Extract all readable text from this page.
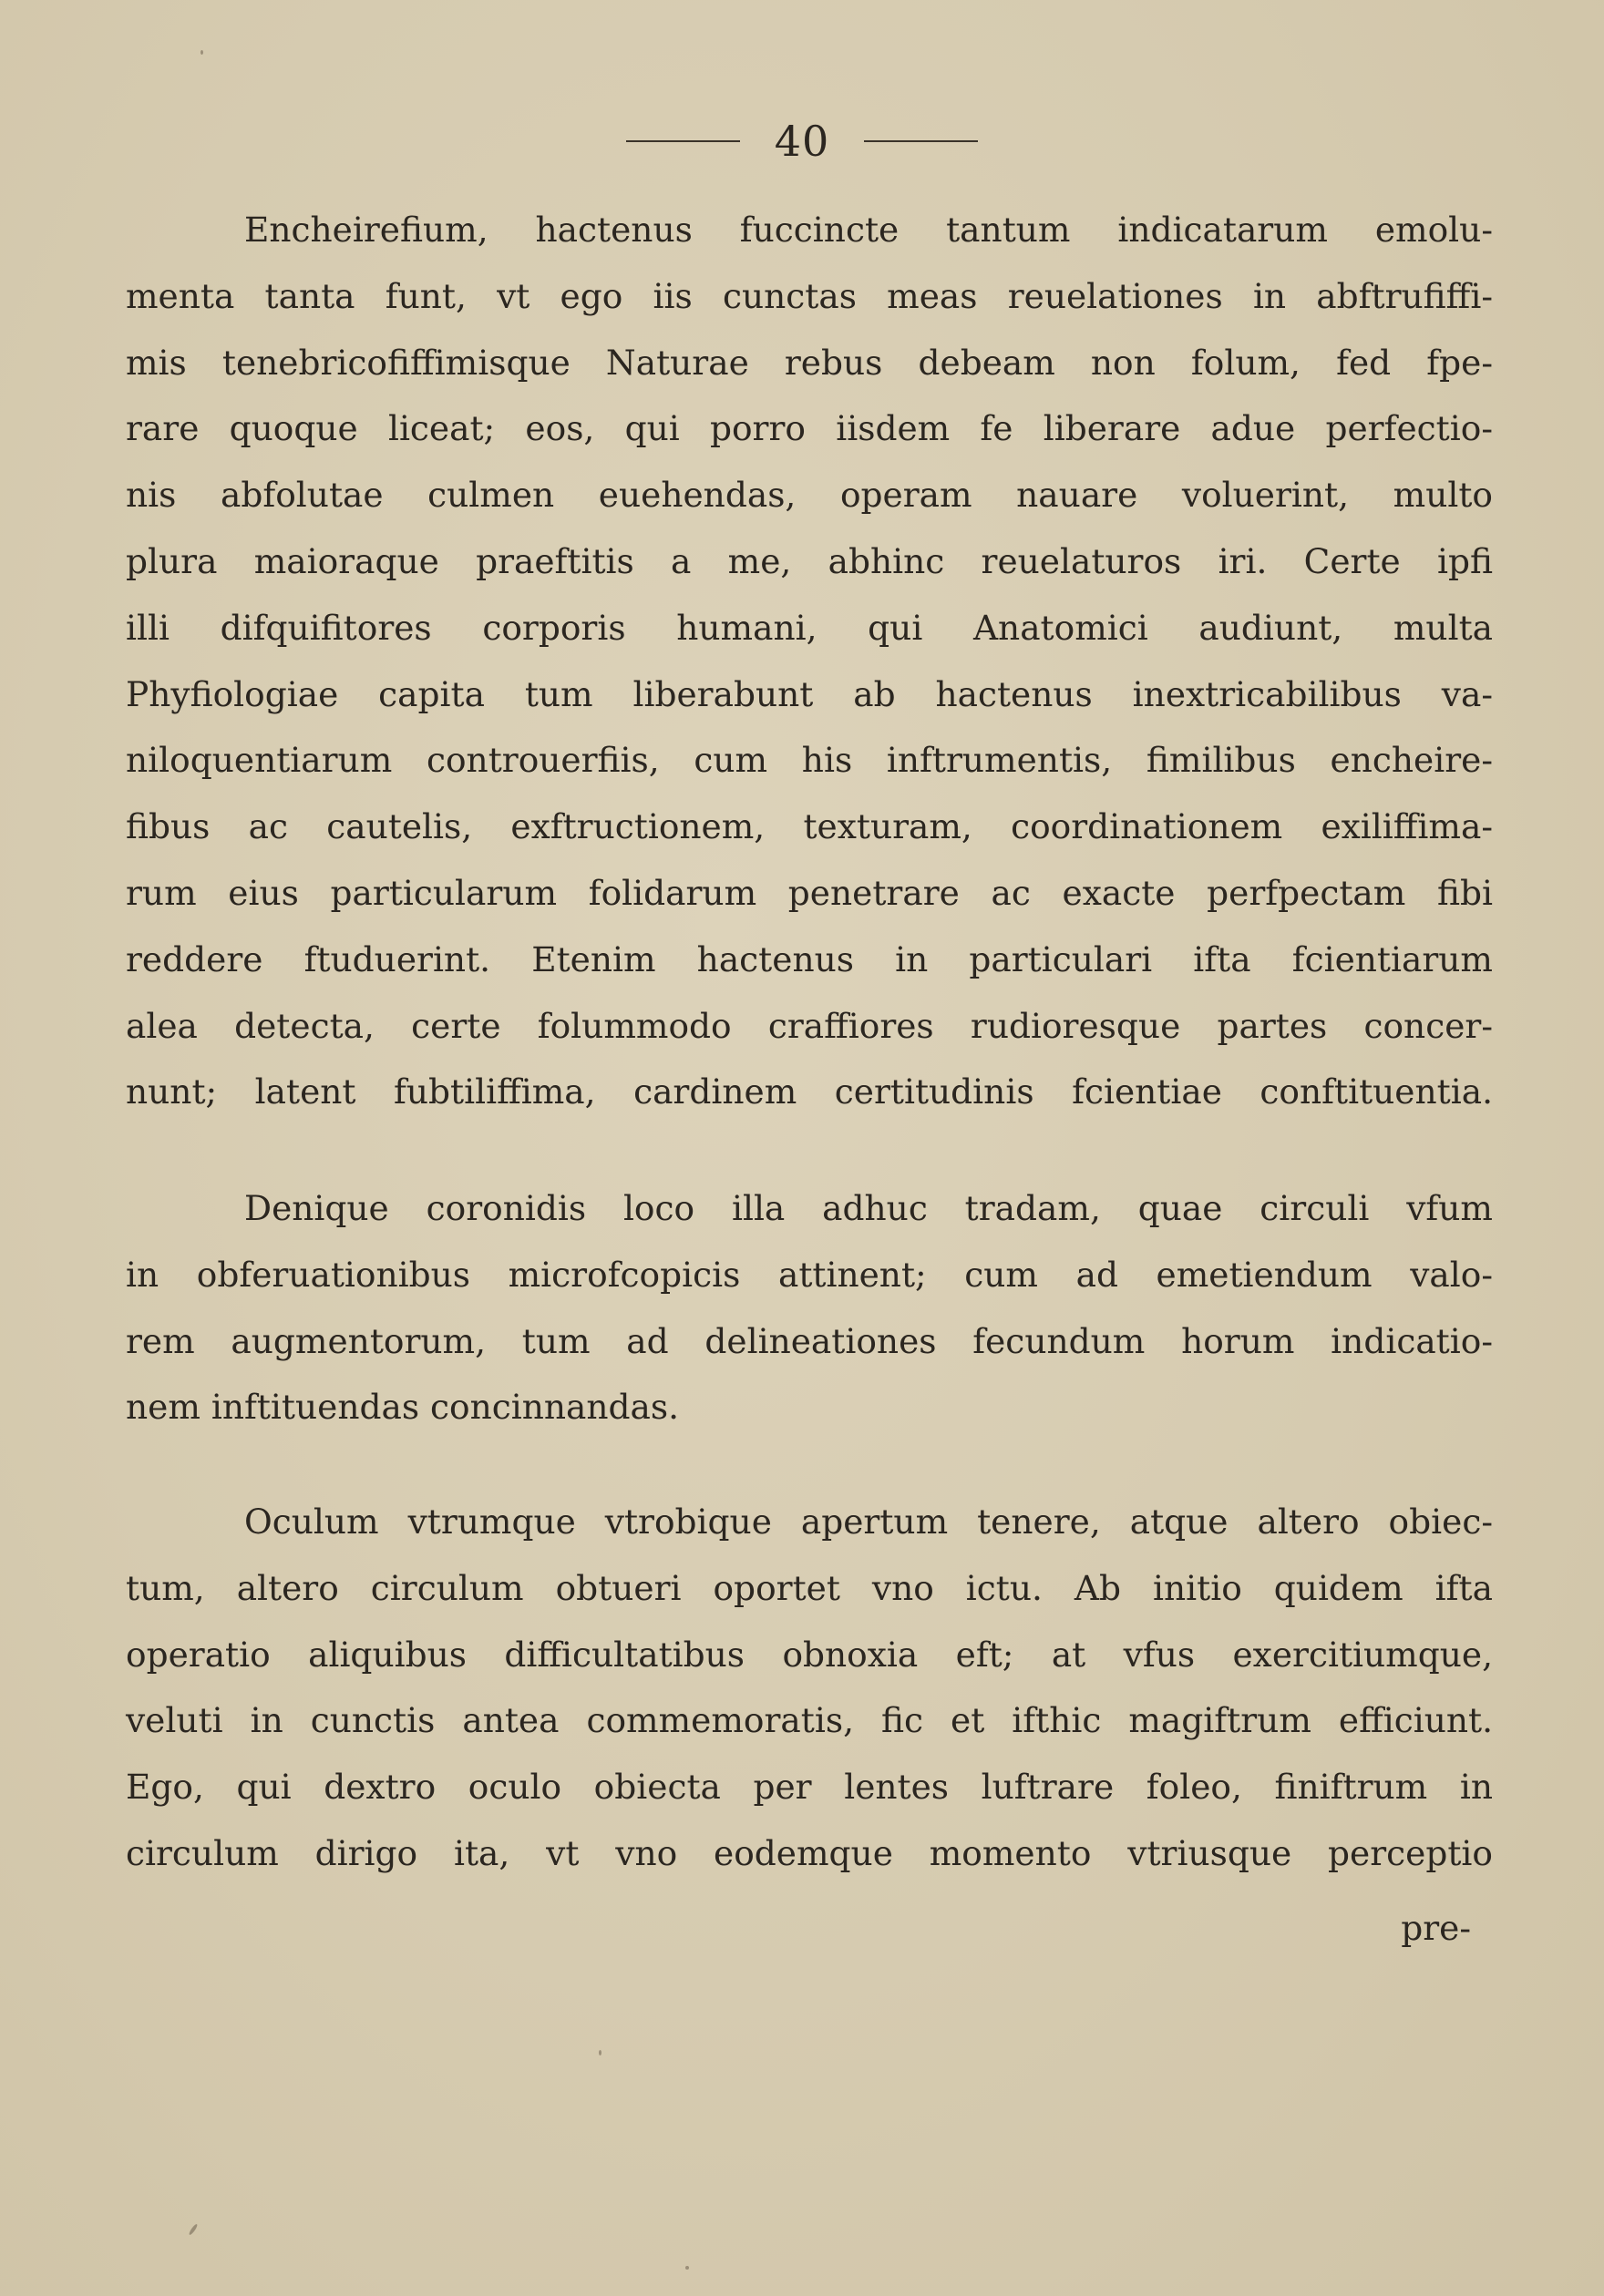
40
Encheirefium, hactenus fuccincte tantum indicatarum emolu-
menta tanta funt, vt ego iis cunctas meas reuelationes in abftrufiffi-
mis tenebricofiffimisque Naturae rebus debeam non folum, fed fpe-
rare quoque liceat; eos, qui porro iisdem fe liberare adue perfectio-
nis abfolutae culmen euehendas, operam nauare voluerint, multo
plura maioraque praeftitis a me, abhinc reuelaturos iri. Certe ipfi
illi difquifitores corporis humani, qui Anatomici audiunt, multa
Phyfiologiae capita tum liberabunt ab hactenus inextricabilibus va-
niloquentiarum controuerfiis, cum his inftrumentis, fimilibus encheire-
fibus ac cautelis, exftructionem, texturam, coordinationem exiliffima-
rum eius particularum folidarum penetrare ac exacte perfpectam fibi
reddere ftuduerint. Etenim hactenus in particulari ifta fcientiarum
alea detecta, certe folummodo craffiores rudioresque partes concer-
nunt; latent fubtiliffima, cardinem certitudinis fcientiae conftituentia.
Denique coronidis loco illa adhuc tradam, quae circuli vfum
in obferuationibus microfcopicis attinent; cum ad emetiendum valo-
rem augmentorum, tum ad delineationes fecundum horum indicatio-
nem inftituendas concinnandas.
Oculum vtrumque vtrobique apertum tenere, atque altero obiec-
tum, altero circulum obtueri oportet vno ictu. Ab initio quidem ifta
operatio aliquibus difficultatibus obnoxia eft; at vfus exercitiumque,
veluti in cunctis antea commemoratis, fic et ifthic magiftrum efficiunt.
Ego, qui dextro oculo obiecta per lentes luftrare foleo, finiftrum in
circulum dirigo ita, vt vno eodemque momento vtriusque perceptio
pre-
